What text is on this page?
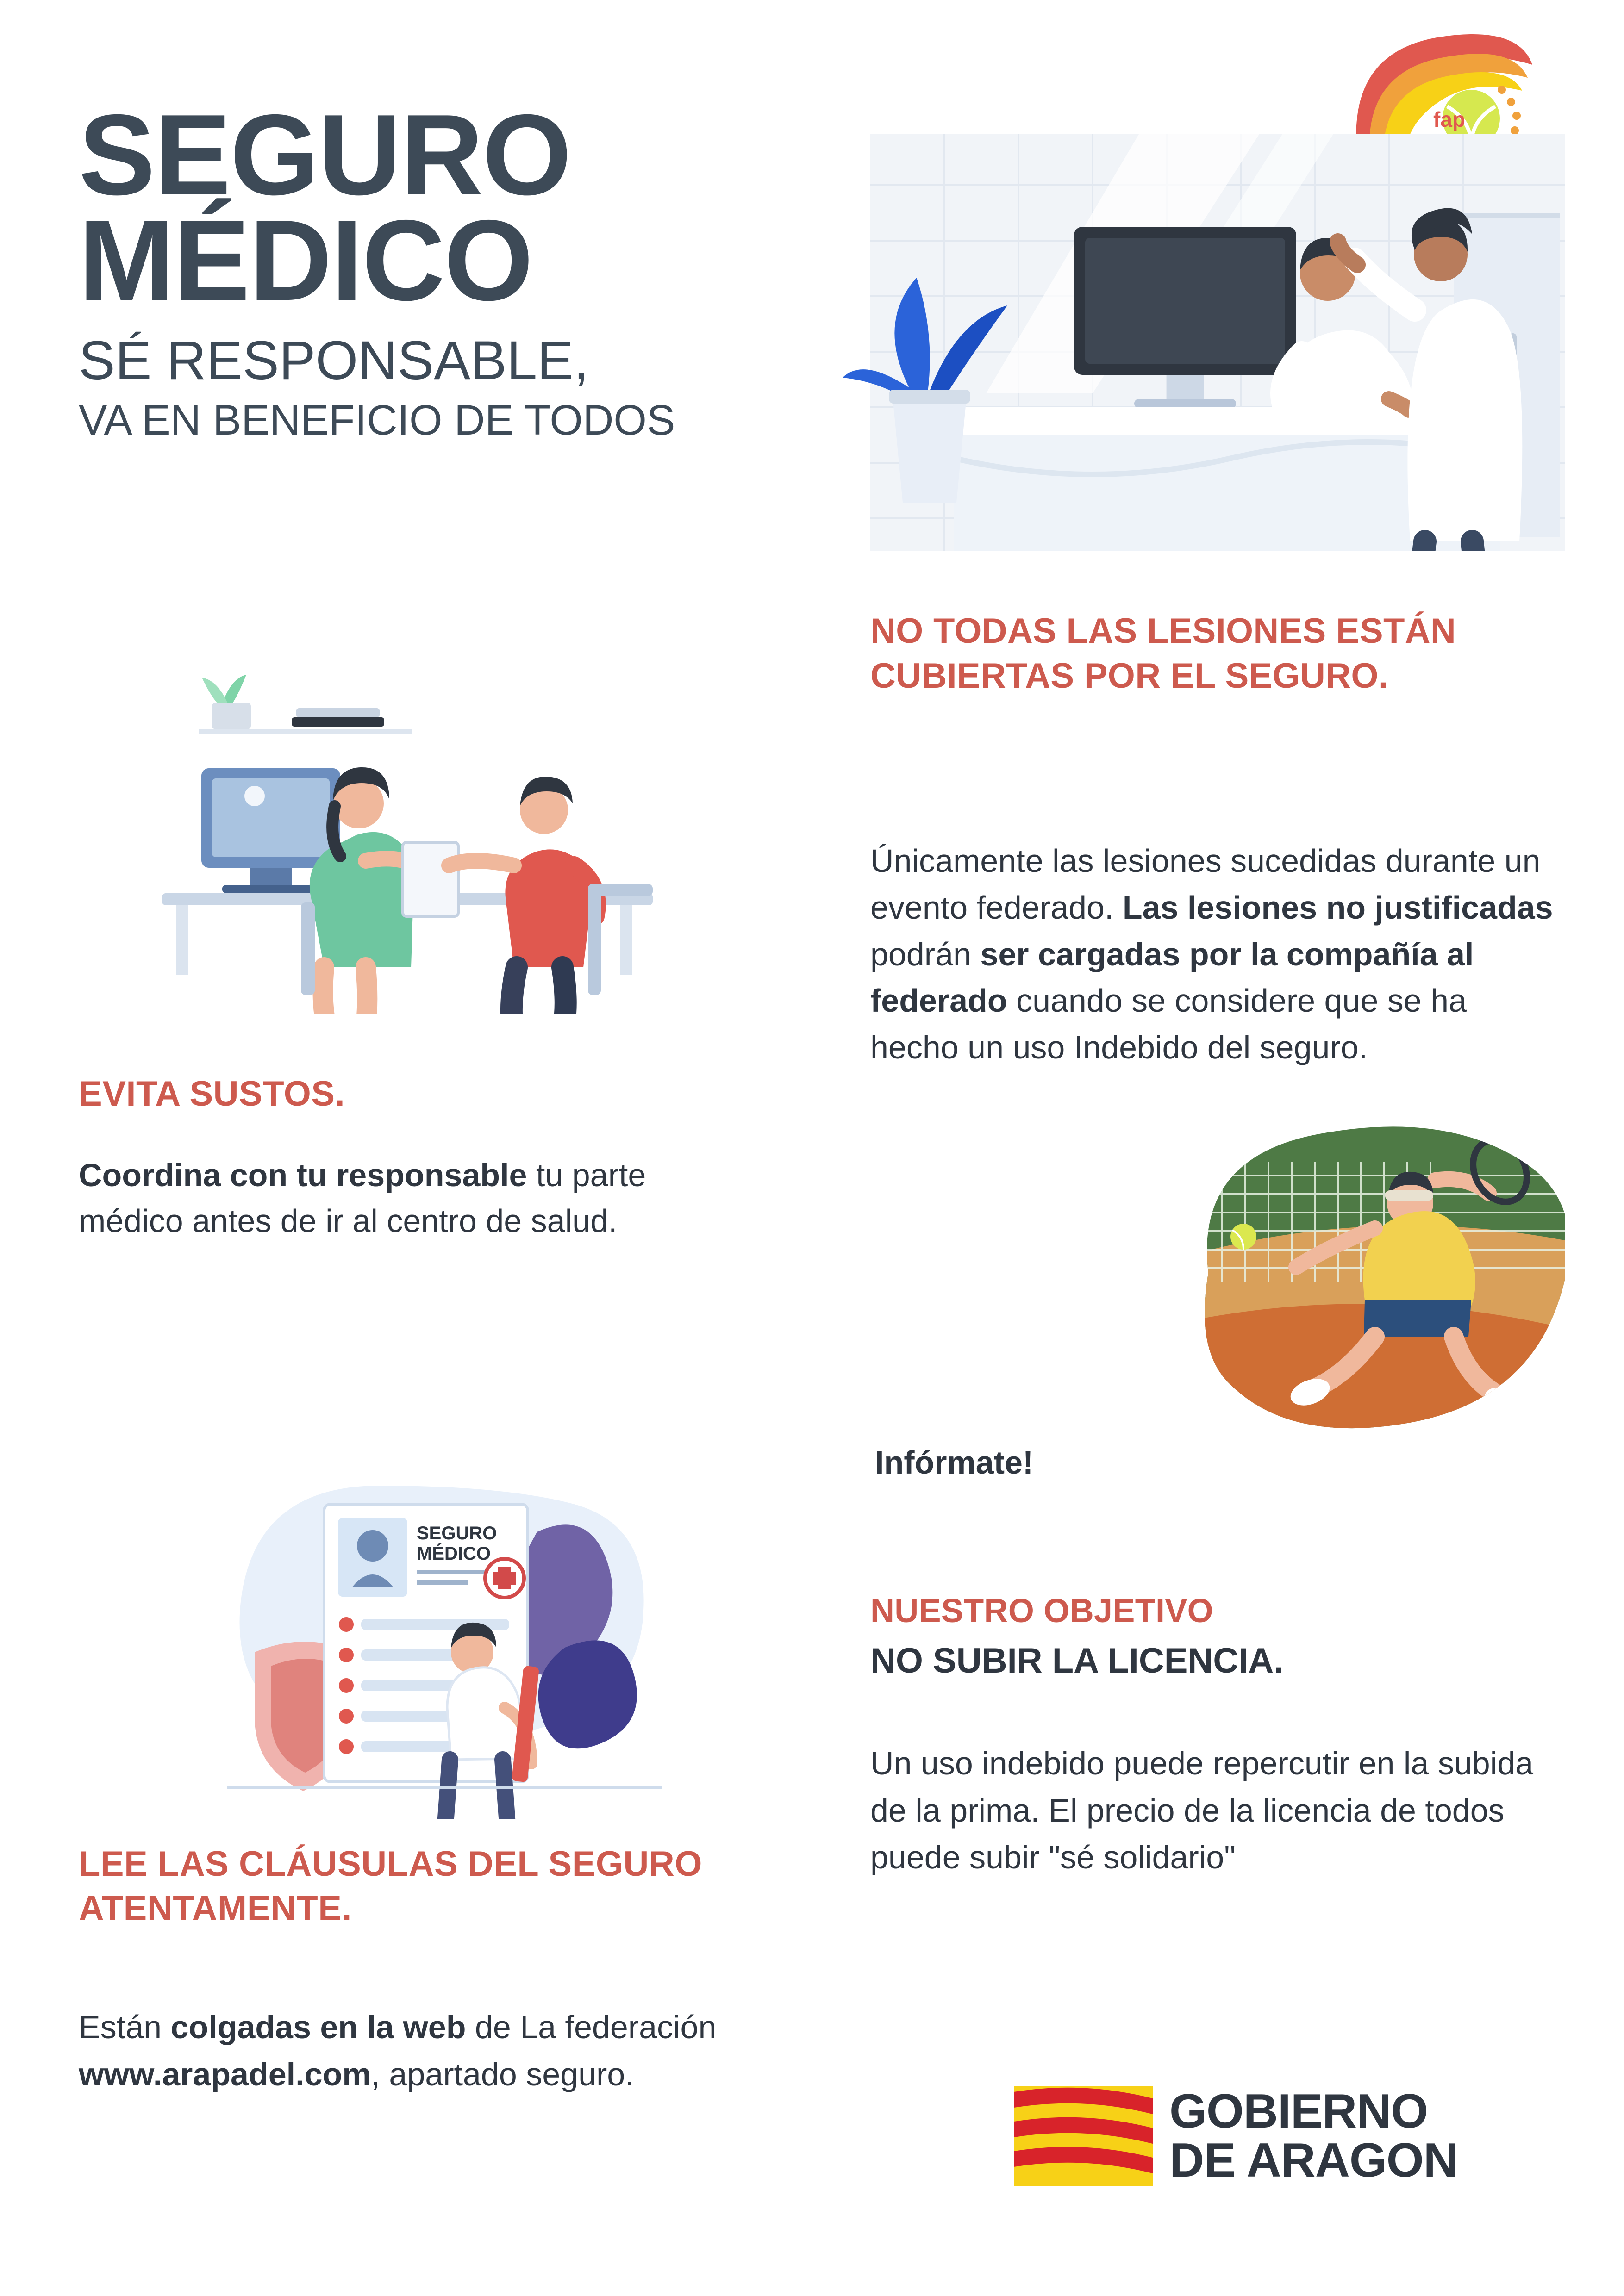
SEGURO
MÉDICO
SÉ RESPONSABLE,
VA EN BENEFICIO DE TODOS
EVITA SUSTOS.
Coordina con tu responsable tu parte médico antes de ir al centro de salud.
SEGURO
MÉDICO
LEE LAS CLÁUSULAS DEL SEGURO ATENTAMENTE.
Están colgadas en la web de La federación www.arapadel.com, apartado seguro.
fap
NO TODAS LAS LESIONES ESTÁN CUBIERTAS POR EL SEGURO.
Únicamente las lesiones sucedidas durante un evento federado. Las lesiones no justificadas podrán ser cargadas por la compañía al federado cuando se considere que se ha hecho un uso Indebido del seguro.
Infórmate!
NUESTRO OBJETIVO
NO SUBIR LA LICENCIA.
Un uso indebido puede repercutir en la subida de la prima. El precio de la licencia de todos puede subir "sé solidario"
GOBIERNO
DE ARAGON
